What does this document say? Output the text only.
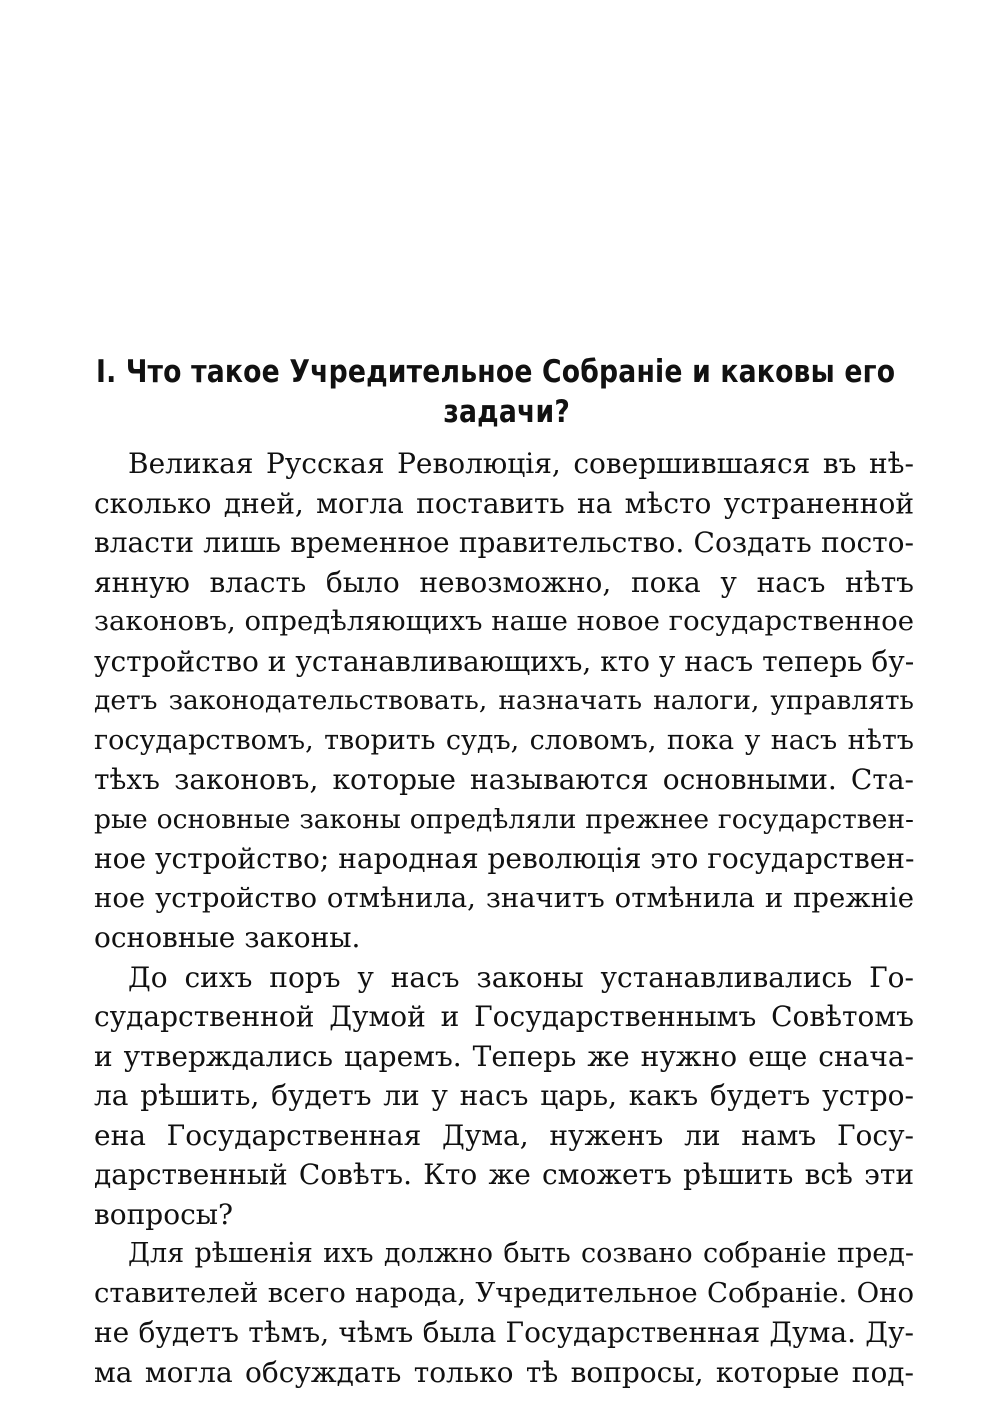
I. Что такое Учредительное Собраніе и каковы его
задачи?

Великая Русская Революція, совершившаяся въ нѣ-
сколько дней, могла поставить на мѣсто устраненной
власти лишь временное правительство. Создать посто-
янную власть было невозможно, пока у насъ нѣтъ
законовъ, опредѣляющихъ наше новое государственное
устройство и устанавливающихъ, кто у насъ теперь бу-
детъ законодательствовать, назначать налоги, управлять
государствомъ, творить судъ, словомъ, пока у насъ нѣтъ
тѣхъ законовъ, которые называются основными. Ста-
рые основные законы опредѣляли прежнее государствен-
ное устройство; народная революція это государствен-
ное устройство отмѣнила, значитъ отмѣнила и прежніе
основные законы.

До сихъ поръ у насъ законы устанавливались Го-
сударственной Думой и Государственнымъ Совѣтомъ
и утверждались царемъ. Теперь же нужно еще снача-
ла рѣшить, будетъ ли у насъ царь, какъ будетъ устро-
ена Государственная Дума, нуженъ ли намъ Госу-
дарственный Совѣтъ. Кто же сможетъ рѣшить всѣ эти
вопросы?

Для рѣшенія ихъ должно быть созвано собраніе пред-
ставителей всего народа, Учредительное Собраніе. Оно
не будетъ тѣмъ, чѣмъ была Государственная Дума. Ду-
ма могла обсуждать только тѣ вопросы, которые под-
